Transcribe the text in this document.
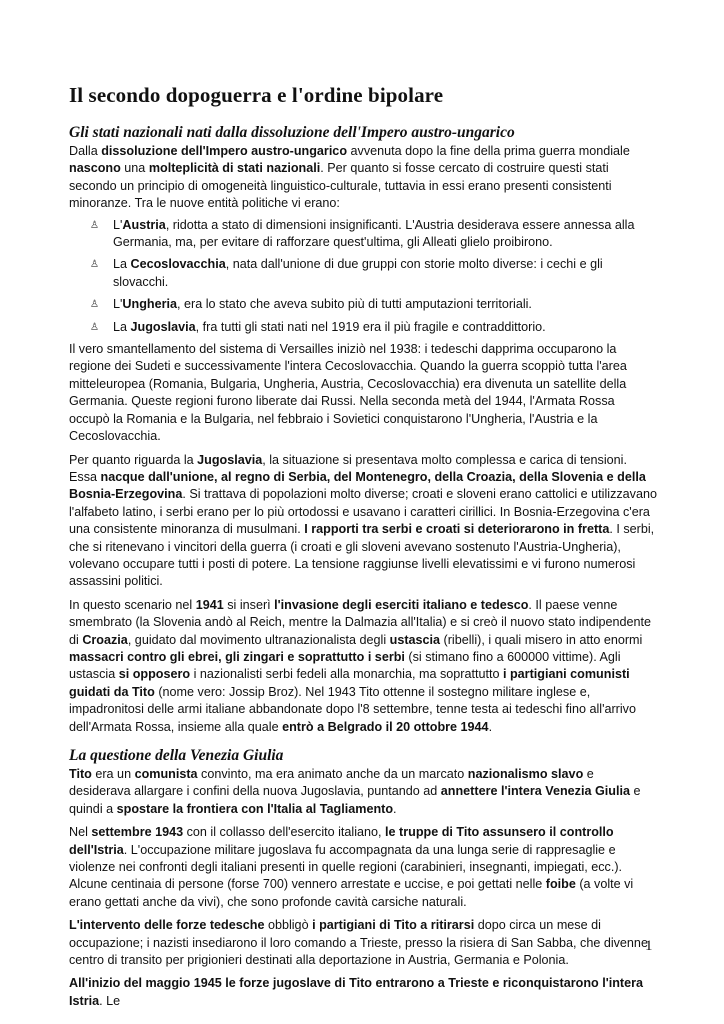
Il secondo dopoguerra e l'ordine bipolare
Gli stati nazionali nati dalla dissoluzione dell'Impero austro-ungarico

Dalla dissoluzione dell'Impero austro-ungarico avvenuta dopo la fine della prima guerra mondiale nascono una molteplicità di stati nazionali. Per quanto si fosse cercato di costruire questi stati secondo un principio di omogeneità linguistico-culturale, tuttavia in essi erano presenti consistenti minoranze. Tra le nuove entità politiche vi erano:

♙ L'Austria, ridotta a stato di dimensioni insignificanti. L'Austria desiderava essere annessa alla Germania, ma, per evitare di rafforzare quest'ultima, gli Alleati glielo proibirono.
♙ La Cecoslovacchia, nata dall'unione di due gruppi con storie molto diverse: i cechi e gli slovacchi.
♙ L'Ungheria, era lo stato che aveva subito più di tutti amputazioni territoriali.
♙ La Jugoslavia, fra tutti gli stati nati nel 1919 era il più fragile e contraddittorio.

Il vero smantellamento del sistema di Versailles iniziò nel 1938: i tedeschi dapprima occuparono la regione dei Sudeti e successivamente l'intera Cecoslovacchia. Quando la guerra scoppiò tutta l'area mitteleuropea (Romania, Bulgaria, Ungheria, Austria, Cecoslovacchia) era divenuta un satellite della Germania. Queste regioni furono liberate dai Russi. Nella seconda metà del 1944, l'Armata Rossa occupò la Romania e la Bulgaria, nel febbraio i Sovietici conquistarono l'Ungheria, l'Austria e la Cecoslovacchia.

Per quanto riguarda la Jugoslavia, la situazione si presentava molto complessa e carica di tensioni. Essa nacque dall'unione, al regno di Serbia, del Montenegro, della Croazia, della Slovenia e della Bosnia-Erzegovina. Si trattava di popolazioni molto diverse; croati e sloveni erano cattolici e utilizzavano l'alfabeto latino, i serbi erano per lo più ortodossi e usavano i caratteri cirillici. In Bosnia-Erzegovina c'era una consistente minoranza di musulmani. I rapporti tra serbi e croati si deteriorarono in fretta. I serbi, che si ritenevano i vincitori della guerra (i croati e gli sloveni avevano sostenuto l'Austria-Ungheria), volevano occupare tutti i posti di potere. La tensione raggiunse livelli elevatissimi e vi furono numerosi assassini politici.

In questo scenario nel 1941 si inserì l'invasione degli eserciti italiano e tedesco. Il paese venne smembrato (la Slovenia andò al Reich, mentre la Dalmazia all'Italia) e si creò il nuovo stato indipendente di Croazia, guidato dal movimento ultranazionalista degli ustascia (ribelli), i quali misero in atto enormi massacri contro gli ebrei, gli zingari e soprattutto i serbi (si stimano fino a 600000 vittime). Agli ustascia si opposero i nazionalisti serbi fedeli alla monarchia, ma soprattutto i partigiani comunisti guidati da Tito (nome vero: Jossip Broz). Nel 1943 Tito ottenne il sostegno militare inglese e, impadronitosi delle armi italiane abbandonate dopo l'8 settembre, tenne testa ai tedeschi fino all'arrivo dell'Armata Rossa, insieme alla quale entrò a Belgrado il 20 ottobre 1944.

La questione della Venezia Giulia

Tito era un comunista convinto, ma era animato anche da un marcato nazionalismo slavo e desiderava allargare i confini della nuova Jugoslavia, puntando ad annettere l'intera Venezia Giulia e quindi a spostare la frontiera con l'Italia al Tagliamento.

Nel settembre 1943 con il collasso dell'esercito italiano, le truppe di Tito assunsero il controllo dell'Istria. L'occupazione militare jugoslava fu accompagnata da una lunga serie di rappresaglie e violenze nei confronti degli italiani presenti in quelle regioni (carabinieri, insegnanti, impiegati, ecc.). Alcune centinaia di persone (forse 700) vennero arrestate e uccise, e poi gettati nelle foibe (a volte vi erano gettati anche da vivi), che sono profonde cavità carsiche naturali.

L'intervento delle forze tedesche obbligò i partigiani di Tito a ritirarsi dopo circa un mese di occupazione; i nazisti insediarono il loro comando a Trieste, presso la risiera di San Sabba, che divenne centro di transito per prigionieri destinati alla deportazione in Austria, Germania e Polonia.

All'inizio del maggio 1945 le forze jugoslave di Tito entrarono a Trieste e riconquistarono l'intera Istria. Le

1
